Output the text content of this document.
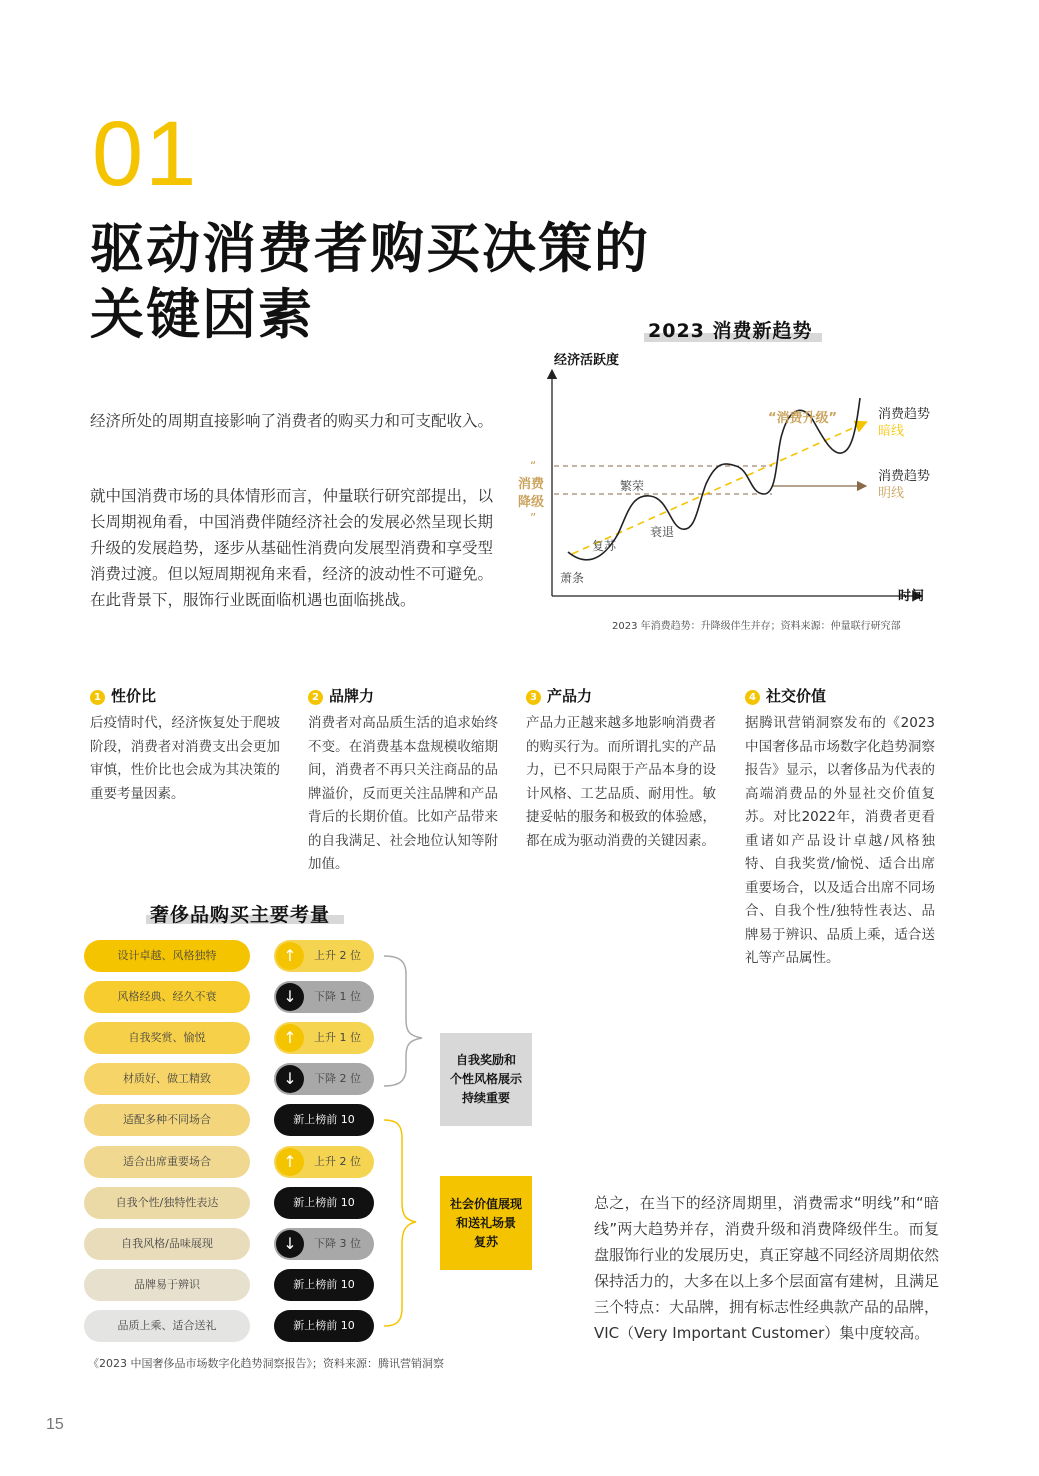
01
驱动消费者购买决策的
关键因素

经济所处的周期直接影响了消费者的购买力和可支配收入。

就中国消费市场的具体情形而言，仲量联行研究部提出，以长周期视角看，中国消费伴随经济社会的发展必然呈现长期升级的发展趋势，逐步从基础性消费向发展型消费和享受型消费过渡。但以短周期视角来看，经济的波动性不可避免。在此背景下，服饰行业既面临机遇也面临挑战。

2023 消费新趋势
经济活跃度
时间
萧条
复苏
繁荣
衰退
“消费升级”
“
消费
降级
”
消费趋势
暗线
消费趋势
明线
2023 年消费趋势：升降级伴生并存；资料来源：仲量联行研究部
1 性价比

后疫情时代，经济恢复处于爬坡阶段，消费者对消费支出会更加审慎，性价比也会成为其决策的重要考量因素。

2 品牌力

消费者对高品质生活的追求始终不变。在消费基本盘规模收缩期间，消费者不再只关注商品的品牌溢价，反而更关注品牌和产品背后的长期价值。比如产品带来的自我满足、社会地位认知等附加值。

3 产品力

产品力正越来越多地影响消费者的购买行为。而所谓扎实的产品力，已不只局限于产品本身的设计风格、工艺品质、耐用性。敏捷妥帖的服务和极致的体验感，都在成为驱动消费的关键因素。

4 社交价值

据腾讯营销洞察发布的《2023中国奢侈品市场数字化趋势洞察报告》显示，以奢侈品为代表的高端消费品的外显社交价值复苏。对比2022年，消费者更看重诸如产品设计卓越/风格独特、自我奖赏/愉悦、适合出席重要场合，以及适合出席不同场合、自我个性/独特性表达、品牌易于辨识、品质上乘，适合送礼等产品属性。

奢侈品购买主要考量
设计卓越、风格独特	↑	上升 2 位
风格经典、经久不衰	↓	下降 1 位
自我奖赏、愉悦	↑	上升 1 位
材质好、做工精致	↓	下降 2 位
适配多种不同场合	新上榜前 10
适合出席重要场合	↑	上升 2 位
自我个性/独特性表达	新上榜前 10
自我风格/品味展现	↓	下降 3 位
品牌易于辨识	新上榜前 10
品质上乘、适合送礼	新上榜前 10
自我奖励和
个性风格展示
持续重要
社会价值展现
和送礼场景
复苏
《2023 中国奢侈品市场数字化趋势洞察报告》；资料来源：腾讯营销洞察

总之，在当下的经济周期里，消费需求“明线”和“暗线”两大趋势并存，消费升级和消费降级伴生。而复盘服饰行业的发展历史，真正穿越不同经济周期依然保持活力的，大多在以上多个层面富有建树，且满足三个特点：大品牌，拥有标志性经典款产品的品牌，VIC（Very Important Customer）集中度较高。

15
